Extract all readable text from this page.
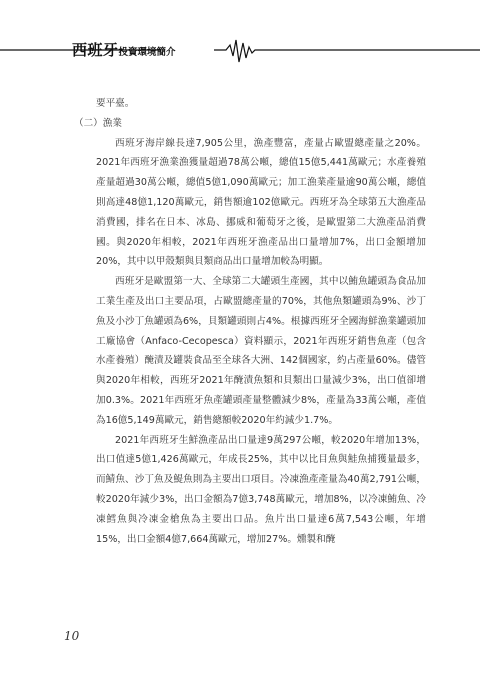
西班牙投資環境簡介

要平臺。

（二）漁業

西班牙海岸線長達7,905公里，漁產豐富，產量占歐盟總產量之20%。2021年西班牙漁業漁獲量超過78萬公噸，總值15億5,441萬歐元；水產養殖產量超過30萬公噸，總值5億1,090萬歐元；加工漁業產量逾90萬公噸，總值則高達48億1,120萬歐元，銷售額逾102億歐元。西班牙為全球第五大漁產品消費國，排名在日本、冰島、挪威和葡萄牙之後，是歐盟第二大漁產品消費國。與2020年相較，2021年西班牙漁產品出口量增加7%，出口金額增加20%，其中以甲殼類與貝類商品出口量增加較為明顯。

西班牙是歐盟第一大、全球第二大罐頭生產國，其中以鮪魚罐頭為食品加工業生產及出口主要品項，占歐盟總產量的70%，其他魚類罐頭為9%、沙丁魚及小沙丁魚罐頭為6%，貝類罐頭則占4%。根據西班牙全國海鮮漁業罐頭加工廠協會（Anfaco-Cecopesca）資料顯示，2021年西班牙銷售魚產（包含水產養殖）醃漬及罐裝食品至全球各大洲、142個國家，約占產量60%。儘管與2020年相較，西班牙2021年醃漬魚類和貝類出口量減少3%，出口值卻增加0.3%。2021年西班牙魚產罐頭產量整體減少8%，產量為33萬公噸，產值為16億5,149萬歐元，銷售總額較2020年約減少1.7%。

2021年西班牙生鮮漁產品出口量達9萬297公噸，較2020年增加13%，出口值達5億1,426萬歐元，年成長25%，其中以比目魚與鮭魚捕獲量最多，而鯖魚、沙丁魚及鯷魚則為主要出口項目。冷凍漁產產量為40萬2,791公噸，較2020年減少3%，出口金額為7億3,748萬歐元，增加8%，以冷凍鮪魚、冷凍鱈魚與冷凍金槍魚為主要出口品。魚片出口量達6萬7,543公噸，年增15%，出口金額4億7,664萬歐元，增加27%。燻製和醃

10
